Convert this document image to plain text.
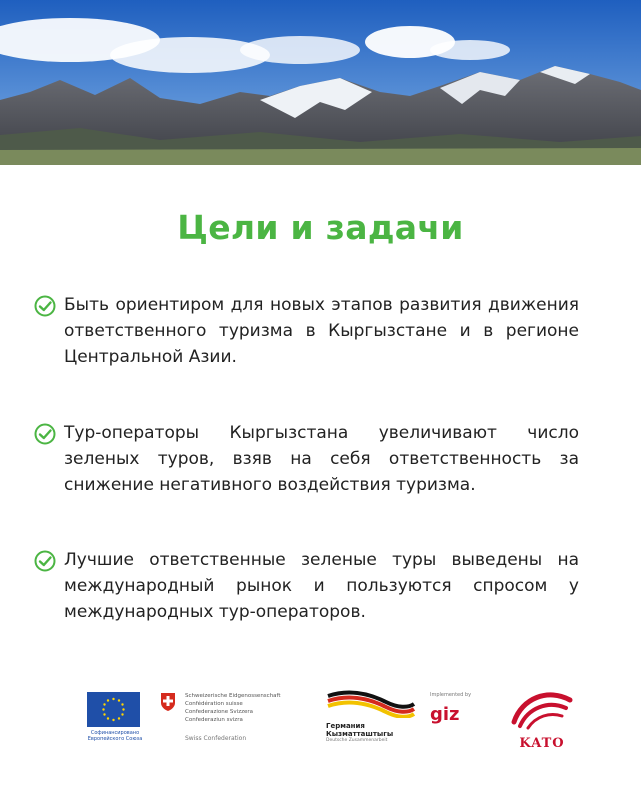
Цели и задачи
Быть ориентиром для новых этапов развития движения ответственного туризма в Кыргызстане и в регионе Центральной Азии.
Тур-операторы Кыргызстана увеличивают число зеленых туров, взяв на себя ответственность за снижение негативного воздействия туризма.
Лучшие ответственные зеленые туры выведены на международный рынок и пользуются спросом у международных тур-операторов.
Софинансировано Европейского Союза
Schweizerische Eidgenossenschaft
Confédération suisse
Confederazione Svizzera
Confederaziun svizra
Swiss Confederation
Германия
Кызматташтыгы
Deutsche Zusammenarbeit
Implemented by
giz
KATO
